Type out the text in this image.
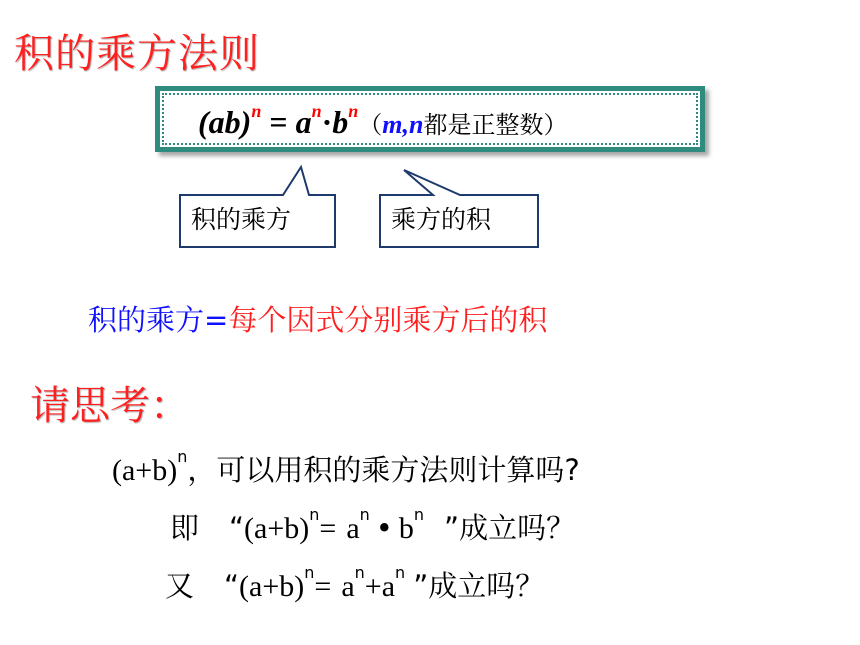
积的乘方法则
$(ab)^n = a^n\cdot b^n(m,n$都是正整数）
积的乘方	乘方的积
积的乘方=每个因式分别乘方后的积
请思考：
$(a+b)^n$，可以用积的乘方法则计算吗?
即 “$(a+b)^n= a^n$ • $b^n$ ”成立吗？
又 “$(a+b)^n= a^n+a^n$ ”成立吗？
